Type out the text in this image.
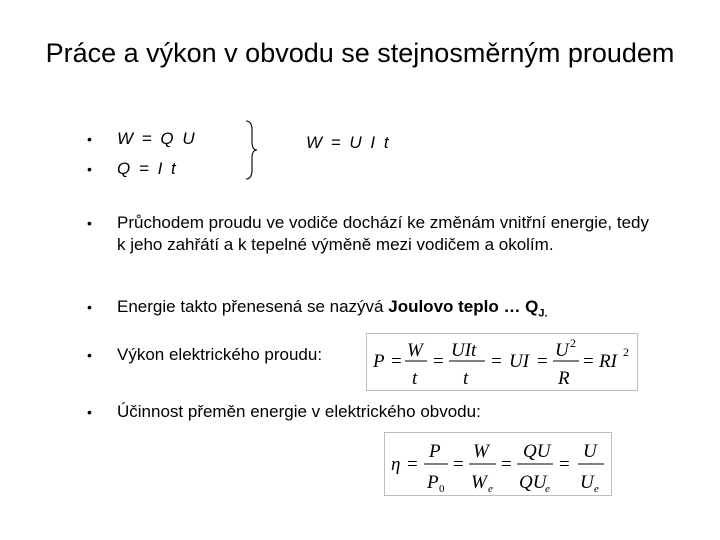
Práce a výkon v obvodu se stejnosměrným proudem
•	W = Q U
•	Q = I t
W = U I t
•	Průchodem proudu ve vodiče dochází ke změnám vnitřní energie, tedy k jeho zahřátí a k tepelné výměně mezi vodičem a okolím.
•	Energie takto přenesená se nazývá Joulovo teplo … $Q_{J.}$
•	Výkon elektrického proudu:	P =
W
t
=
UIt
t
= UI =
U 2
R
= RI 2
•	Účinnost přeměn energie v elektrického obvodu:
η =
P
P 0
=
W
W e
=
QU
QU
e
=
U
U e
